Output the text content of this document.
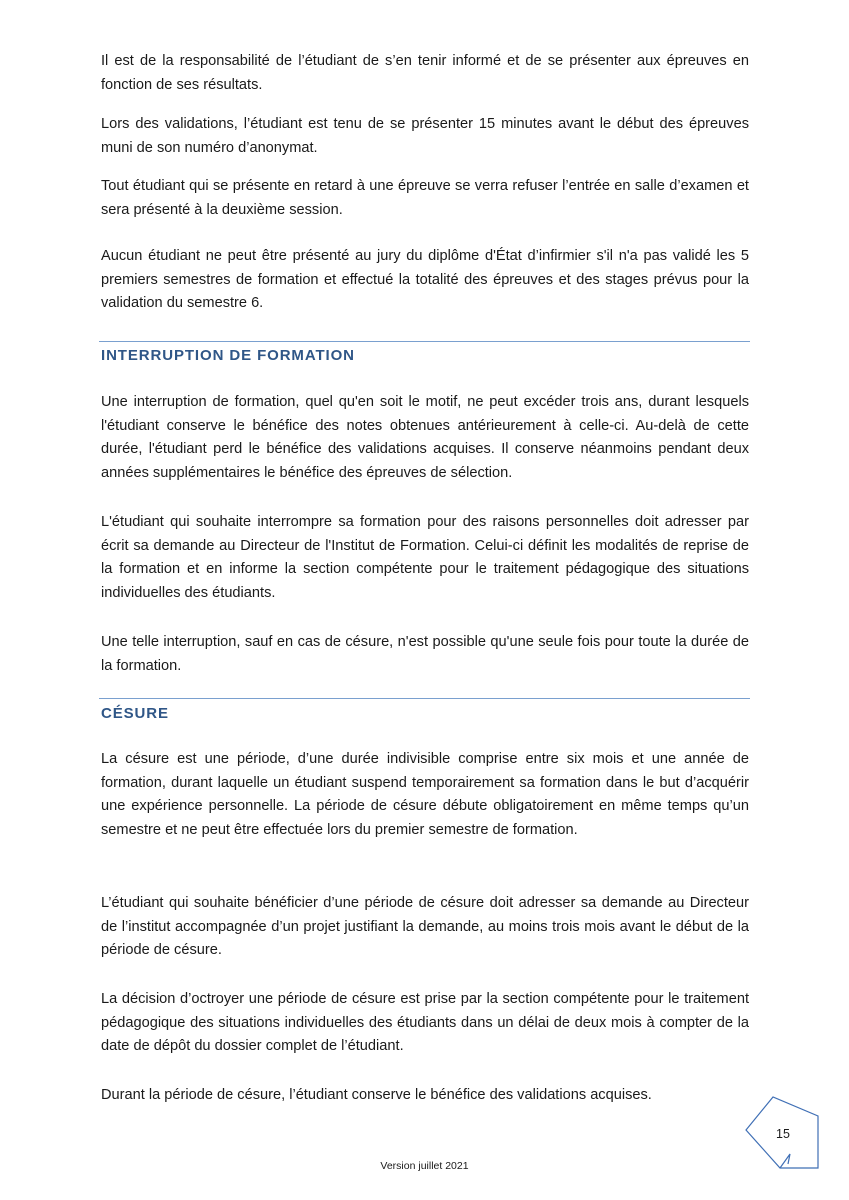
Il est de la responsabilité de l’étudiant de s’en tenir informé et de se présenter aux épreuves en fonction de ses résultats.

Lors des validations, l’étudiant est tenu de se présenter 15 minutes avant le début des épreuves muni de son numéro d’anonymat.

Tout étudiant qui se présente en retard à une épreuve se verra refuser l’entrée en salle d’examen et sera présenté à la deuxième session.

Aucun étudiant ne peut être présenté au jury du diplôme d'État d’infirmier s'il n'a pas validé les 5 premiers semestres de formation et effectué la totalité des épreuves et des stages prévus pour la validation du semestre 6.

INTERRUPTION DE FORMATION

Une interruption de formation, quel qu'en soit le motif, ne peut excéder trois ans, durant lesquels l'étudiant conserve le bénéfice des notes obtenues antérieurement à celle-ci. Au-delà de cette durée, l'étudiant perd le bénéfice des validations acquises. Il conserve néanmoins pendant deux années supplémentaires le bénéfice des épreuves de sélection.

L'étudiant qui souhaite interrompre sa formation pour des raisons personnelles doit adresser par écrit sa demande au Directeur de l'Institut de Formation. Celui-ci définit les modalités de reprise de la formation et en informe la section compétente pour le traitement pédagogique des situations individuelles des étudiants.

Une telle interruption, sauf en cas de césure, n'est possible qu'une seule fois pour toute la durée de la formation.

CÉSURE

La césure est une période, d’une durée indivisible comprise entre six mois et une année de formation, durant laquelle un étudiant suspend temporairement sa formation dans le but d’acquérir une expérience personnelle. La période de césure débute obligatoirement en même temps qu’un semestre et ne peut être effectuée lors du premier semestre de formation.

L’étudiant qui souhaite bénéficier d’une période de césure doit adresser sa demande au Directeur de l’institut accompagnée d’un projet justifiant la demande, au moins trois mois avant le début de la période de césure.

La décision d’octroyer une période de césure est prise par la section compétente pour le traitement pédagogique des situations individuelles des étudiants dans un délai de deux mois à compter de la date de dépôt du dossier complet de l’étudiant.

Durant la période de césure, l’étudiant conserve le bénéfice des validations acquises.

15
Version juillet 2021
